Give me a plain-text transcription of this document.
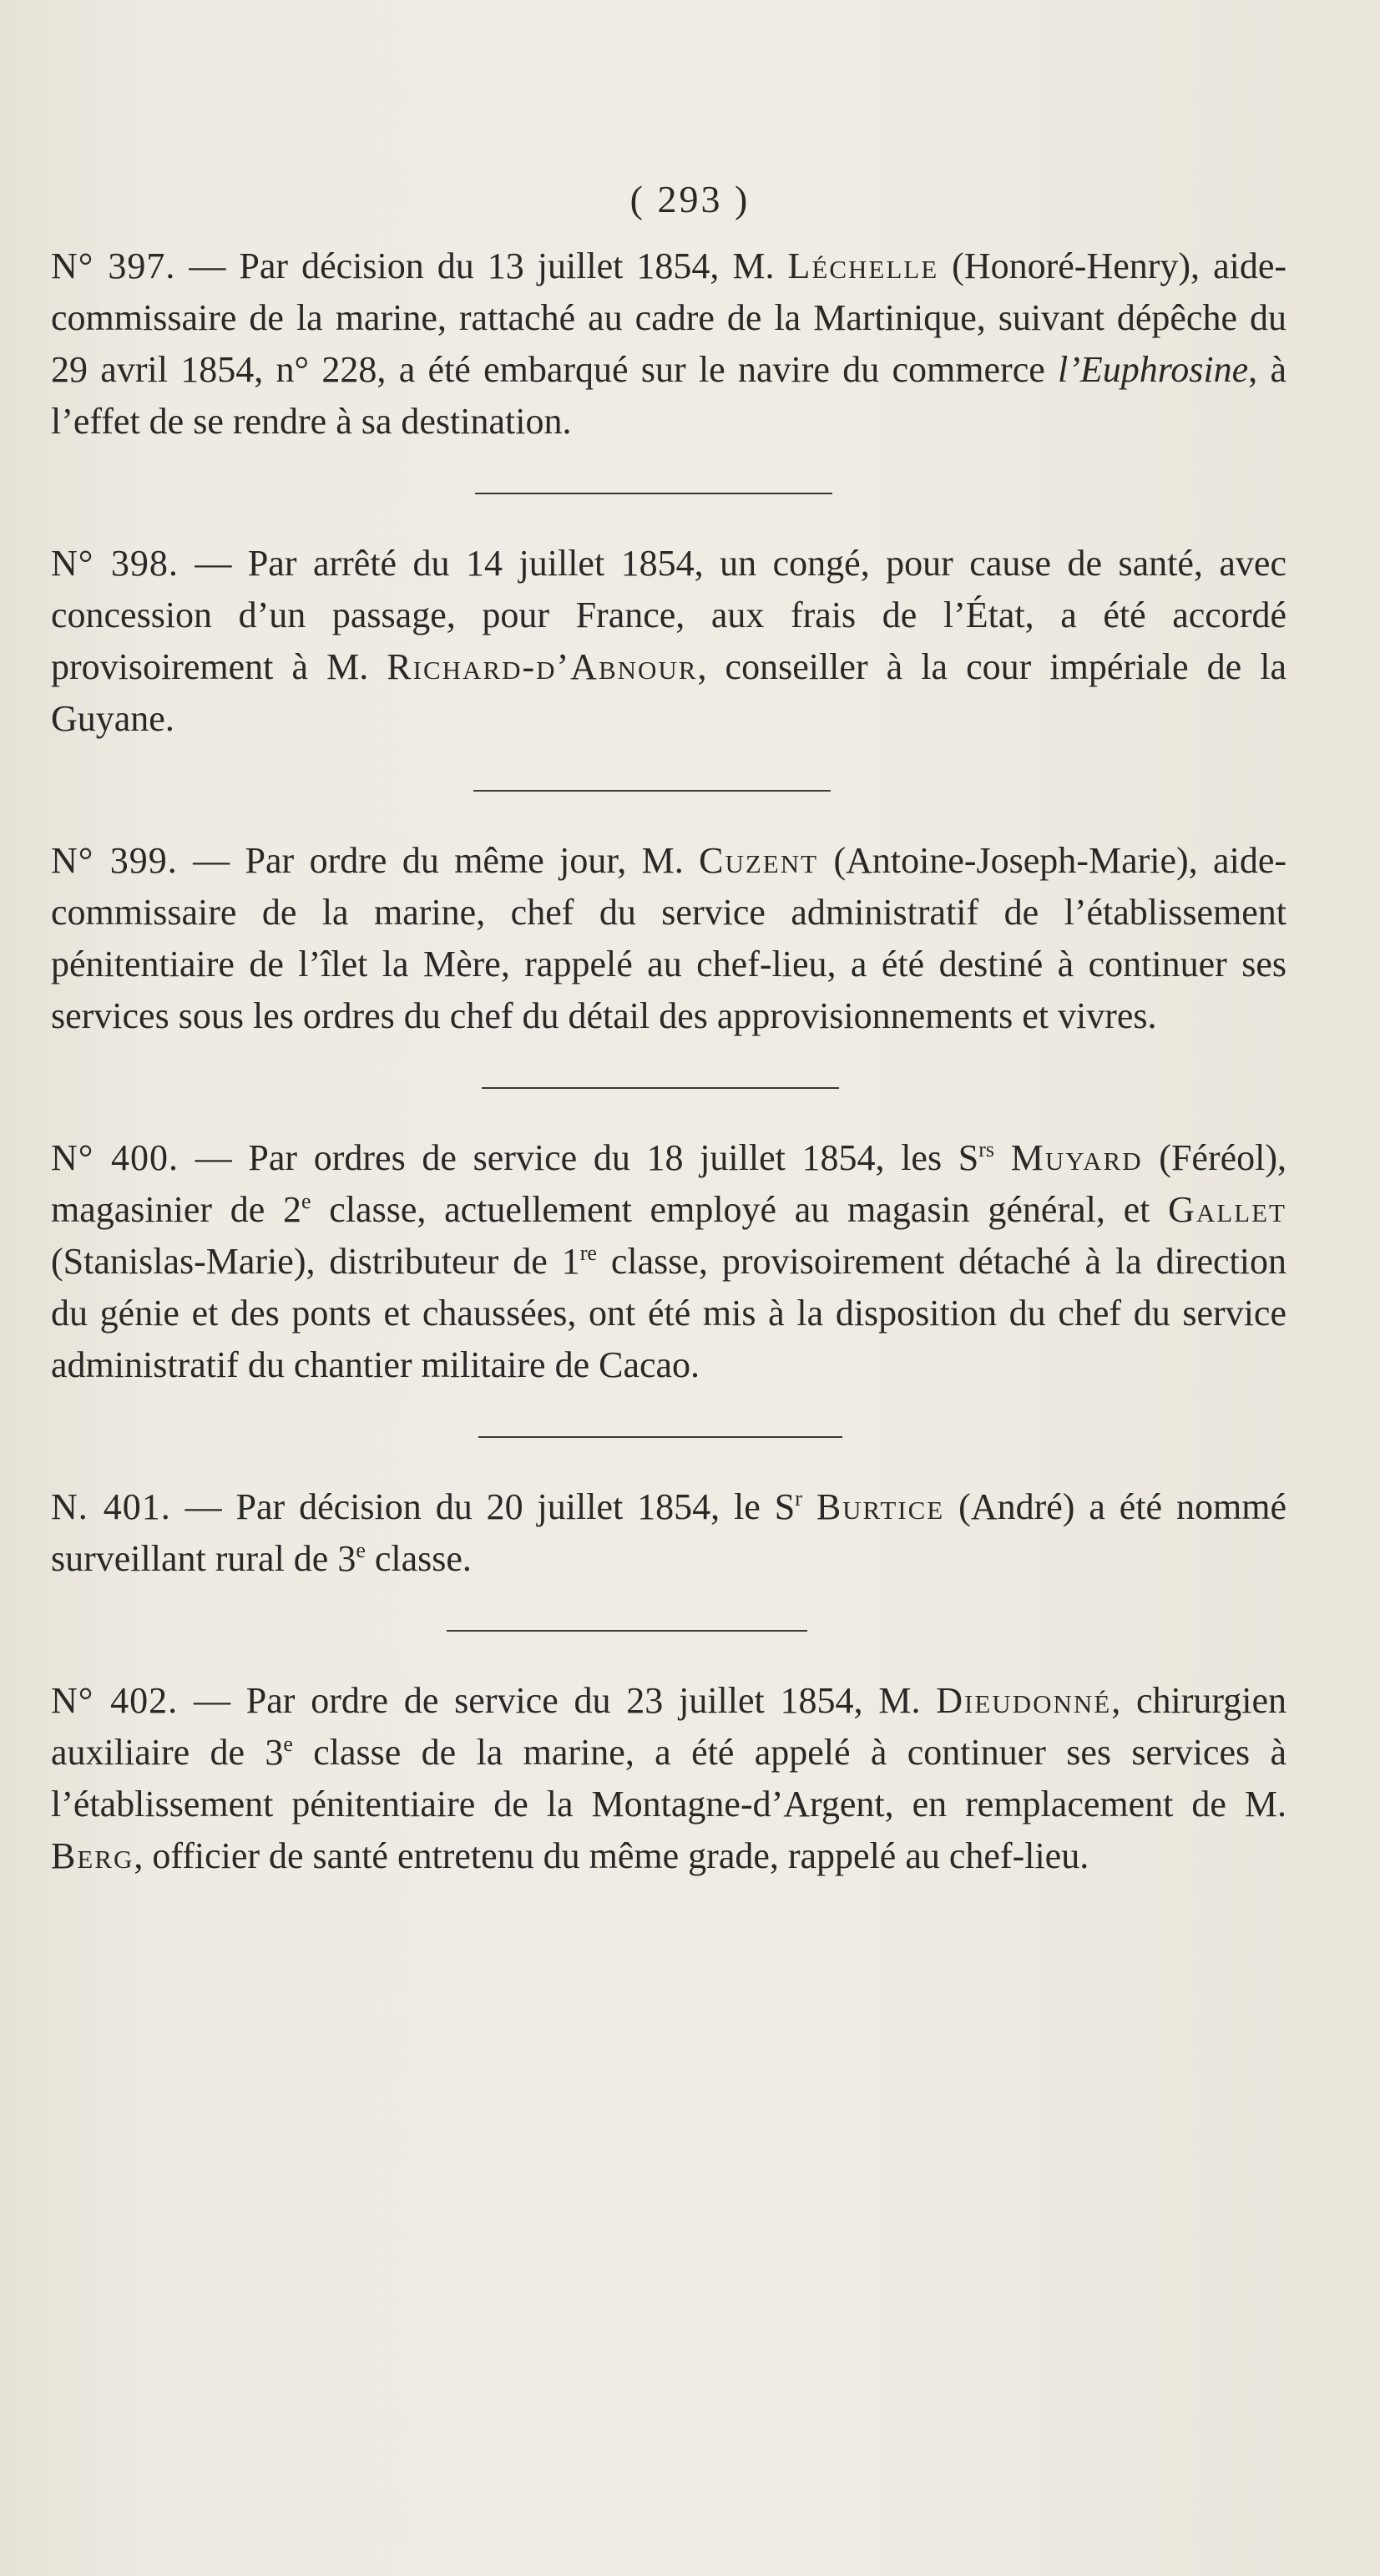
( 293 )

N° 397. — Par décision du 13 juillet 1854, M. Léchelle (Honoré-Henry), aide-commissaire de la marine, rattaché au cadre de la Martinique, suivant dépêche du 29 avril 1854, n° 228, a été embarqué sur le navire du commerce l’Euphrosine, à l’effet de se rendre à sa destination.

N° 398. — Par arrêté du 14 juillet 1854, un congé, pour cause de santé, avec concession d’un passage, pour France, aux frais de l’État, a été accordé provisoirement à M. Richard-d’Abnour, conseiller à la cour impériale de la Guyane.

N° 399. — Par ordre du même jour, M. Cuzent (Antoine-Joseph-Marie), aide-commissaire de la marine, chef du service administratif de l’établissement pénitentiaire de l’îlet la Mère, rappelé au chef-lieu, a été destiné à continuer ses services sous les ordres du chef du détail des approvisionnements et vivres.

N° 400. — Par ordres de service du 18 juillet 1854, les $S^{rs}$ Muyard (Féréol), magasinier de 2e classe, actuellement employé au magasin général, et Gallet (Stanislas-Marie), distributeur de 1re classe, provisoirement détaché à la direction du génie et des ponts et chaussées, ont été mis à la disposition du chef du service administratif du chantier militaire de Cacao.

N. 401. — Par décision du 20 juillet 1854, le $S^r$ Burtice (André) a été nommé surveillant rural de 3e classe.

N° 402. — Par ordre de service du 23 juillet 1854, M. Dieudonné, chirurgien auxiliaire de 3e classe de la marine, a été appelé à continuer ses services à l’établissement pénitentiaire de la Montagne-d’Argent, en remplacement de M. Berg, officier de santé entretenu du même grade, rappelé au chef-lieu.
